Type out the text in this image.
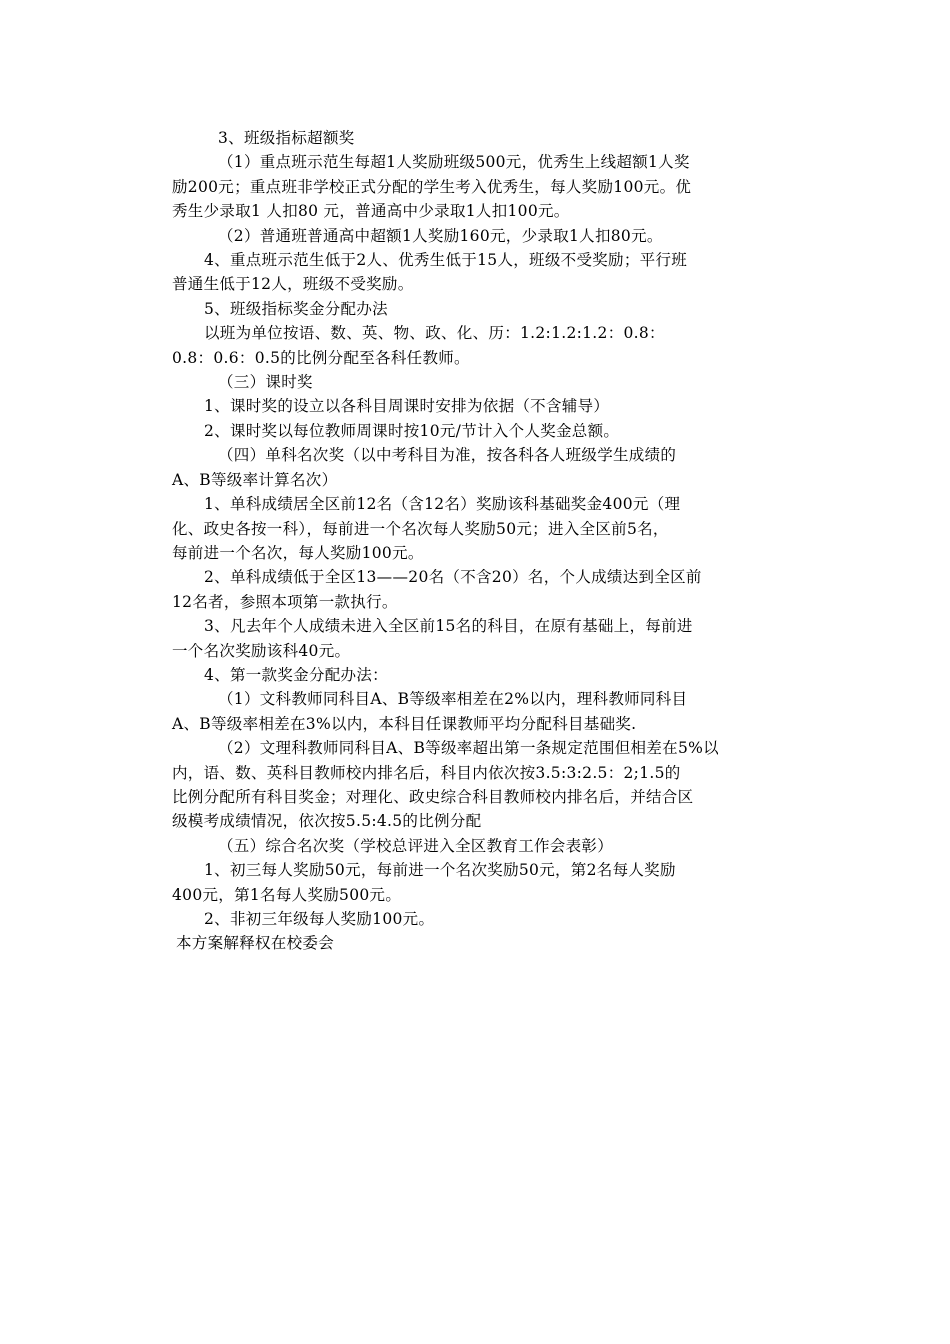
3、班级指标超额奖

（1）重点班示范生每超1人奖励班级500元，优秀生上线超额1人奖

励200元；重点班非学校正式分配的学生考入优秀生，每人奖励100元。优

秀生少录取1 人扣80 元，普通高中少录取1人扣100元。

（2）普通班普通高中超额1人奖励160元，少录取1人扣80元。

4、重点班示范生低于2人、优秀生低于15人，班级不受奖励；平行班

普通生低于12人，班级不受奖励。

5、班级指标奖金分配办法

以班为单位按语、数、英、物、政、化、历：1.2:1.2:1.2：0.8：

0.8：0.6：0.5的比例分配至各科任教师。

（三）课时奖

1、课时奖的设立以各科目周课时安排为依据（不含辅导）

2、课时奖以每位教师周课时按10元/节计入个人奖金总额。

（四）单科名次奖（以中考科目为准，按各科各人班级学生成绩的

A、B等级率计算名次）

1、单科成绩居全区前12名（含12名）奖励该科基础奖金400元（理

化、政史各按一科），每前进一个名次每人奖励50元；进入全区前5名，

每前进一个名次，每人奖励100元。

2、单科成绩低于全区13——20名（不含20）名，个人成绩达到全区前

12名者，参照本项第一款执行。

3、凡去年个人成绩未进入全区前15名的科目，在原有基础上，每前进

一个名次奖励该科40元。

4、第一款奖金分配办法：

（1）文科教师同科目A、B等级率相差在2%以内，理科教师同科目

A、B等级率相差在3%以内，本科目任课教师平均分配科目基础奖.

（2）文理科教师同科目A、B等级率超出第一条规定范围但相差在5%以

内，语、数、英科目教师校内排名后，科目内依次按3.5:3:2.5：2;1.5的

比例分配所有科目奖金；对理化、政史综合科目教师校内排名后，并结合区

级模考成绩情况，依次按5.5:4.5的比例分配

（五）综合名次奖（学校总评进入全区教育工作会表彰）

1、初三每人奖励50元，每前进一个名次奖励50元，第2名每人奖励

400元，第1名每人奖励500元。

2、非初三年级每人奖励100元。

本方案解释权在校委会
